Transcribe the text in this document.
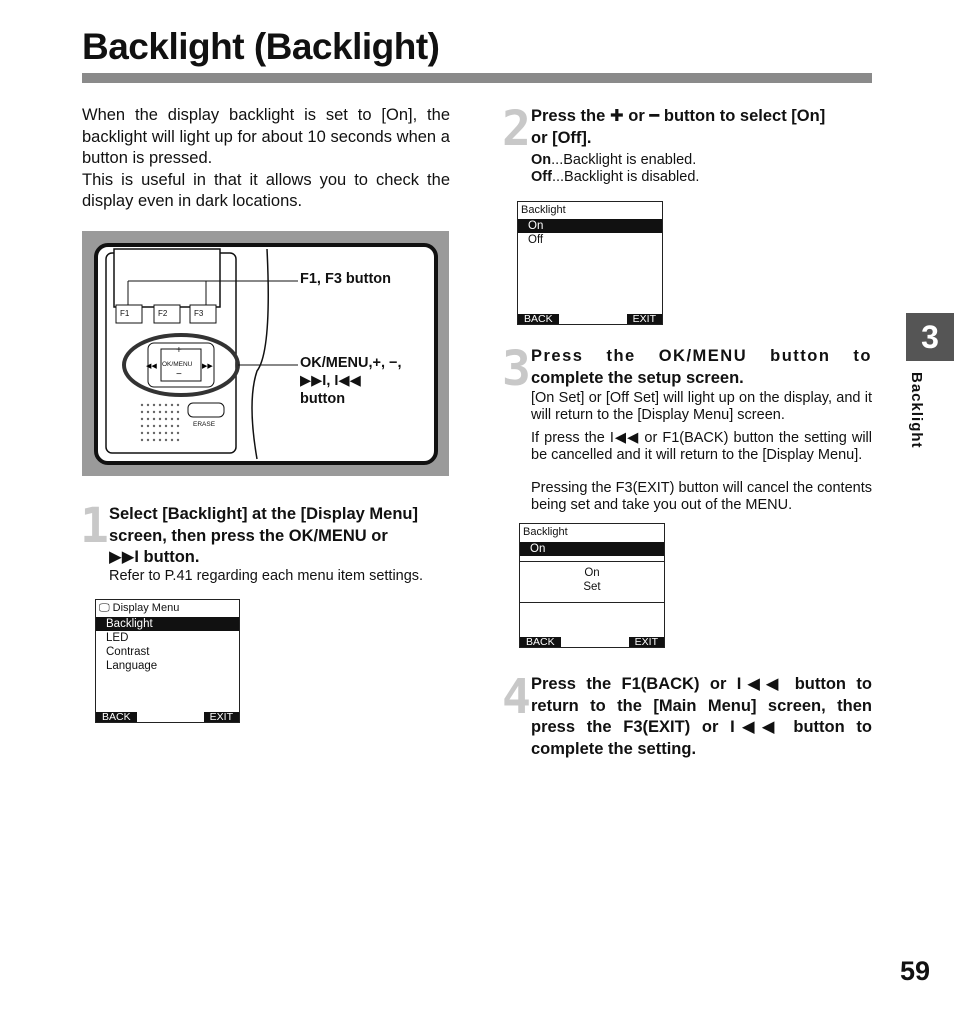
Backlight (Backlight)
When the display backlight is set to [On], the backlight will light up for about 10 seconds when a button is pressed.
This is useful in that it allows you to check the display even in dark locations.
◀◀	▶▶
F1	F2	F3
OK/MENU
+
−
ERASE
F1, F3 button
OK/MENU,+, −,
▶▶I, I◀◀
button
1 Select [Backlight] at the [Display Menu]
screen, then press the OK/MENU or
▶▶I button.
Refer to P.41 regarding each menu item settings.
🖵 Display Menu
Backlight
LED
Contrast
Language
BACK	EXIT
2 Press the ✚ or ━ button to select [On]
or [Off].
On...Backlight is enabled.
Off...Backlight is disabled.
Backlight
On
Off
BACK	EXIT
3 Press the OK/MENU button to
complete the setup screen.
[On Set] or [Off Set] will light up on the display, and it will return to the [Display Menu] screen.
If press the I◀◀ or F1(BACK) button the setting will be cancelled and it will return to the [Display Menu].
Pressing the F3(EXIT) button will cancel the contents being set and take you out of the MENU.
Backlight
On
On
Set
BACK	EXIT
4 Press the F1(BACK) or I◀◀ button to
return to the [Main Menu] screen, then
press the F3(EXIT) or I◀◀ button to
complete the setting.
3
Backlight
59
